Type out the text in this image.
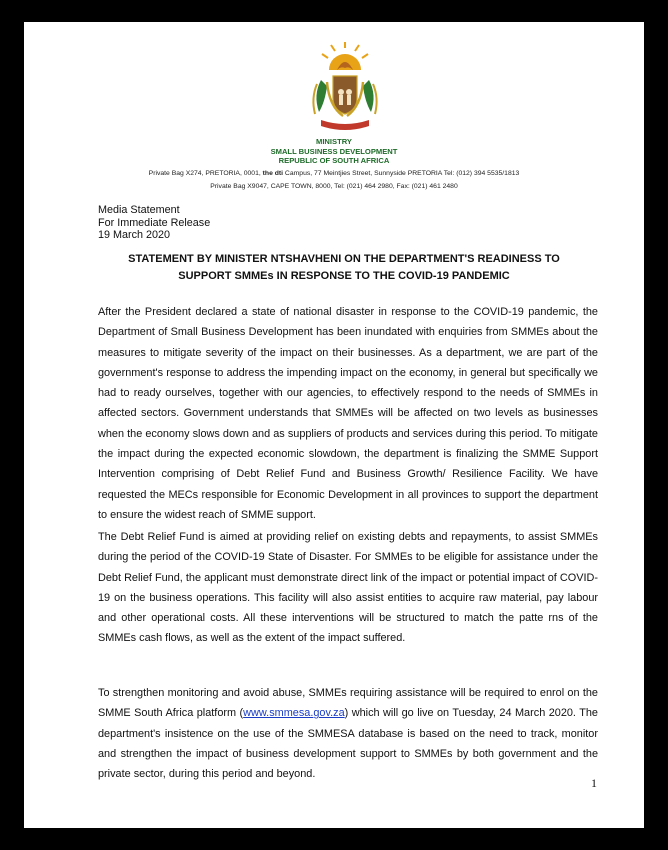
MINISTRY
SMALL BUSINESS DEVELOPMENT
REPUBLIC OF SOUTH AFRICA
Private Bag X274, PRETORIA, 0001, the dti Campus, 77 Meintjies Street, Sunnyside PRETORIA Tel: (012) 394 5535/1813
Private Bag X9047, CAPE TOWN, 8000, Tel: (021) 464 2980, Fax: (021) 461 2480
Media Statement
For Immediate Release
19 March 2020
STATEMENT BY MINISTER NTSHAVHENI ON THE DEPARTMENT'S READINESS TO
SUPPORT SMMEs IN RESPONSE TO THE COVID-19 PANDEMIC

After the President declared a state of national disaster in response to the COVID-19 pandemic, the Department of Small Business Development has been inundated with enquiries from SMMEs about the measures to mitigate severity of the impact on their businesses. As a department, we are part of the government's response to address the impending impact on the economy, in general but specifically we had to ready ourselves, together with our agencies, to effectively respond to the needs of SMMEs in affected sectors. Government understands that SMMEs will be affected on two levels as businesses when the economy slows down and as suppliers of products and services during this period. To mitigate the impact during the expected economic slowdown, the department is finalizing the SMME Support Intervention comprising of Debt Relief Fund and Business Growth/ Resilience Facility. We have requested the MECs responsible for Economic Development in all provinces to support the department to ensure the widest reach of SMME support.

The Debt Relief Fund is aimed at providing relief on existing debts and repayments, to assist SMMEs during the period of the COVID-19 State of Disaster. For SMMEs to be eligible for assistance under the Debt Relief Fund, the applicant must demonstrate direct link of the impact or potential impact of COVID-19 on the business operations. This facility will also assist entities to acquire raw material, pay labour and other operational costs. All these interventions will be structured to match the patte rns of the SMMEs cash flows, as well as the extent of the impact suffered.

To strengthen monitoring and avoid abuse, SMMEs requiring assistance will be required to enrol on the SMME South Africa platform (www.smmesa.gov.za) which will go live on Tuesday, 24 March 2020. The department's insistence on the use of the SMMESA database is based on the need to track, monitor and strengthen the impact of business development support to SMMEs by both government and the private sector, during this period and beyond.

1
